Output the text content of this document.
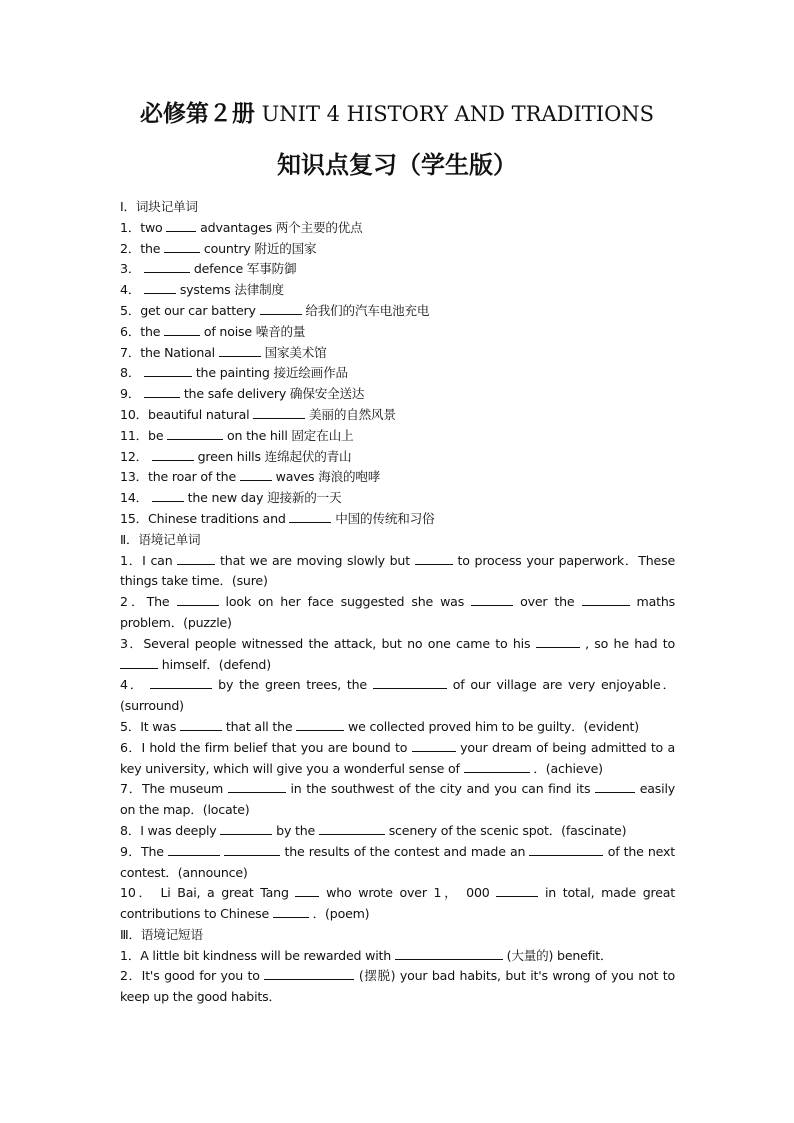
必修第２册 UNIT 4 HISTORY AND TRADITIONS
知识点复习（学生版）
Ⅰ．词块记单词
1．two  advantages 两个主要的优点
2．the	country 附近的国家
3．	defence 军事防御
4．	systems 法律制度
5．get our car battery	给我们的汽车电池充电
6．the	of noise 噪音的量
7．the National	国家美术馆
8．	the painting 接近绘画作品
9．	the safe delivery 确保安全送达
10．beautiful natural	美丽的自然风景
11．be	on the hill 固定在山上
12．	green hills 连绵起伏的青山
13．the roar of the	waves 海浪的咆哮
14．	the new day 迎接新的一天
15．Chinese traditions and	中国的传统和习俗
Ⅱ．语境记单词
1．I can	that we are moving slowly but	to process your paperwork．These things take time．(sure)
2．The	look on her face suggested she was	over the	maths problem．(puzzle)
3．Several people witnessed the attack, but no one came to his	, so he had to  himself．(defend)
4．	by the green trees, the	of our village are very enjoyable．(surround)
5．It was	that all the	we collected proved him to be guilty．(evident)
6．I hold the firm belief that you are bound to	your dream of being admitted to a key university, which will give you a wonderful sense of	．(achieve)
7．The museum	in the southwest of the city and you can find its	easily on the map．(locate)
8．I was deeply	by the	scenery of the scenic spot．(fascinate)
9．The	the results of the contest and made an	of the next contest．(announce)
10． Li Bai, a great Tang  who wrote over 1， 000	in total, made great contributions to Chinese	．(poem)
Ⅲ．语境记短语
1．A little bit kindness will be rewarded with	(大量的) benefit．
2．It's good for you to	(摆脱) your bad habits, but it's wrong of you not to keep up the good habits．
